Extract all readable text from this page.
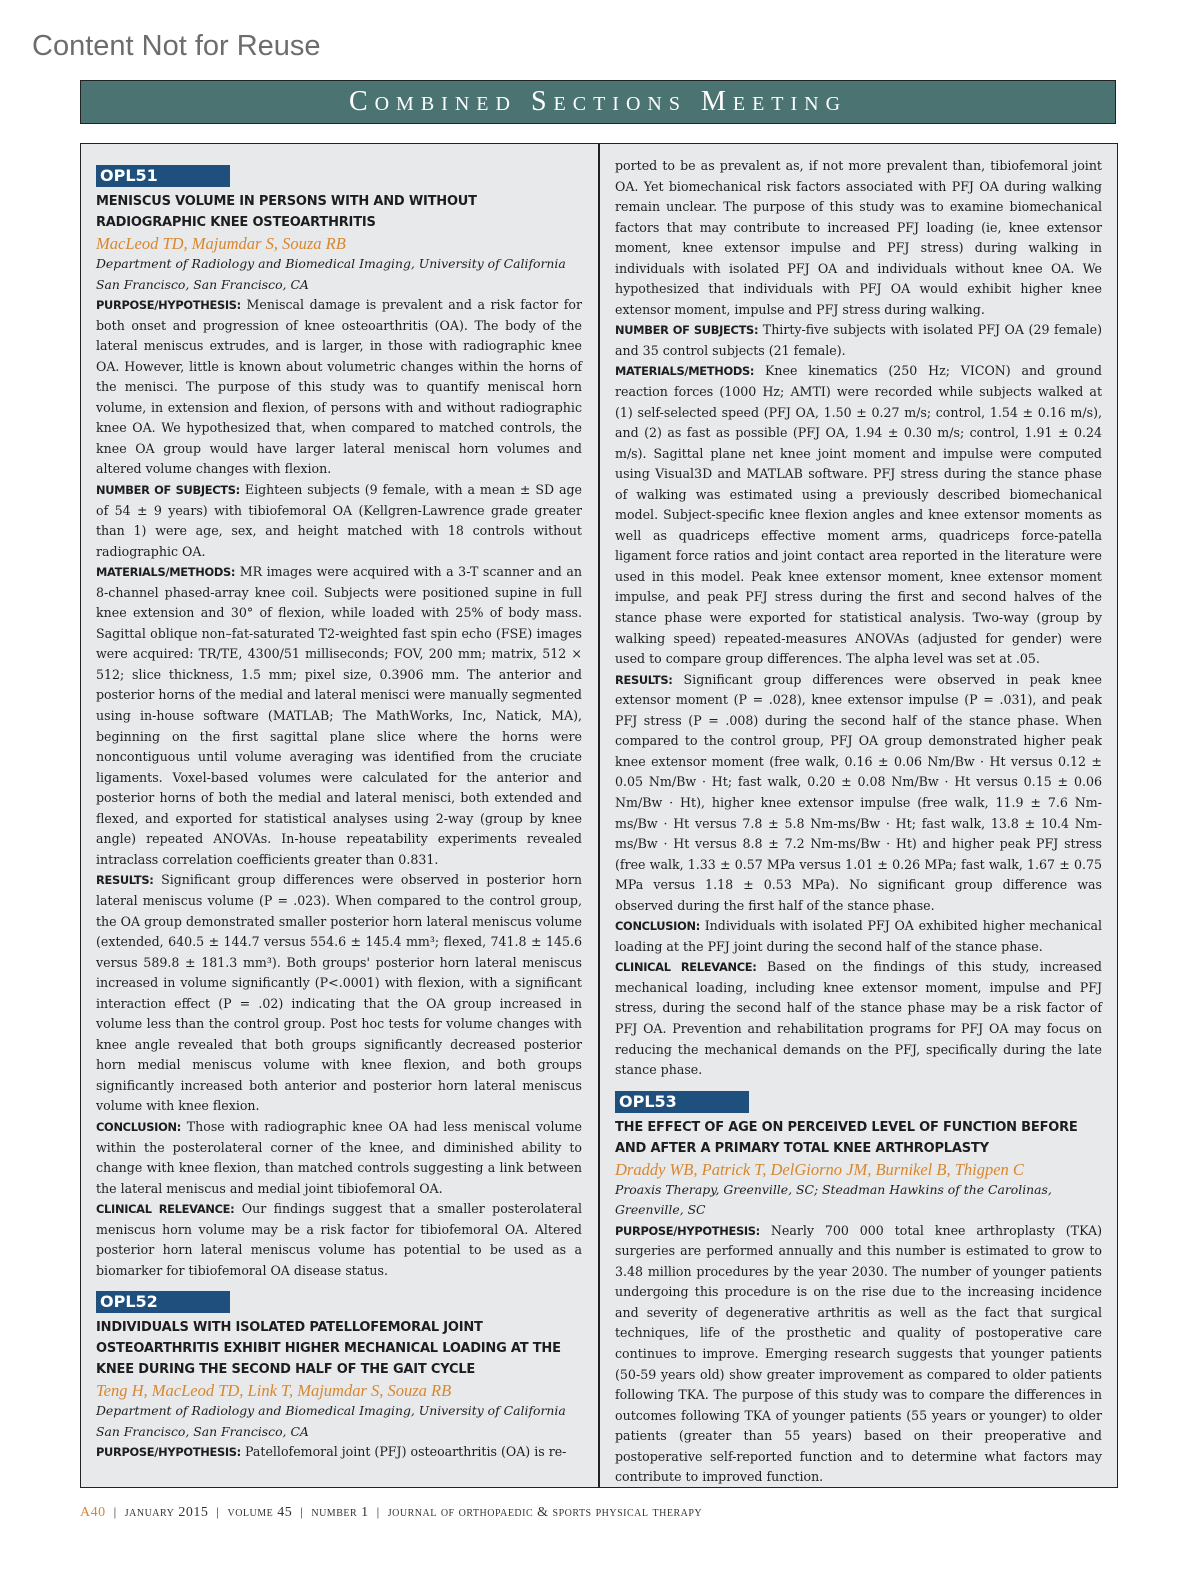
Content Not for Reuse
Combined Sections Meeting
OPL51

MENISCUS VOLUME IN PERSONS WITH AND WITHOUT RADIOGRAPHIC KNEE OSTEOARTHRITIS

MacLeod TD, Majumdar S, Souza RB

Department of Radiology and Biomedical Imaging, University of California San Francisco, San Francisco, CA

PURPOSE/HYPOTHESIS: Meniscal damage is prevalent and a risk factor for both onset and progression of knee osteoarthritis (OA). The body of the lateral meniscus extrudes, and is larger, in those with radiographic knee OA. However, little is known about volumetric changes within the horns of the menisci. The purpose of this study was to quantify meniscal horn volume, in extension and flexion, of persons with and without radiographic knee OA. We hypothesized that, when compared to matched controls, the knee OA group would have larger lateral meniscal horn volumes and altered volume changes with flexion.

NUMBER OF SUBJECTS: Eighteen subjects (9 female, with a mean ± SD age of 54 ± 9 years) with tibiofemoral OA (Kellgren-Lawrence grade greater than 1) were age, sex, and height matched with 18 controls without radiographic OA.

MATERIALS/METHODS: MR images were acquired with a 3-T scanner and an 8-channel phased-array knee coil. Subjects were positioned supine in full knee extension and 30° of flexion, while loaded with 25% of body mass. Sagittal oblique non–fat-saturated T2-weighted fast spin echo (FSE) images were acquired: TR/TE, 4300/51 milliseconds; FOV, 200 mm; matrix, 512 × 512; slice thickness, 1.5 mm; pixel size, 0.3906 mm. The anterior and posterior horns of the medial and lateral menisci were manually segmented using in-house software (MATLAB; The MathWorks, Inc, Natick, MA), beginning on the first sagittal plane slice where the horns were noncontiguous until volume averaging was identified from the cruciate ligaments. Voxel-based volumes were calculated for the anterior and posterior horns of both the medial and lateral menisci, both extended and flexed, and exported for statistical analyses using 2-way (group by knee angle) repeated ANOVAs. In-house repeatability experiments revealed intraclass correlation coefficients greater than 0.831.

RESULTS: Significant group differences were observed in posterior horn lateral meniscus volume (P = .023). When compared to the control group, the OA group demonstrated smaller posterior horn lateral meniscus volume (extended, 640.5 ± 144.7 versus 554.6 ± 145.4 mm³; flexed, 741.8 ± 145.6 versus 589.8 ± 181.3 mm³). Both groups' posterior horn lateral meniscus increased in volume significantly (P<.0001) with flexion, with a significant interaction effect (P = .02) indicating that the OA group increased in volume less than the control group. Post hoc tests for volume changes with knee angle revealed that both groups significantly decreased posterior horn medial meniscus volume with knee flexion, and both groups significantly increased both anterior and posterior horn lateral meniscus volume with knee flexion.

CONCLUSION: Those with radiographic knee OA had less meniscal volume within the posterolateral corner of the knee, and diminished ability to change with knee flexion, than matched controls suggesting a link between the lateral meniscus and medial joint tibiofemoral OA.

CLINICAL RELEVANCE: Our findings suggest that a smaller posterolateral meniscus horn volume may be a risk factor for tibiofemoral OA. Altered posterior horn lateral meniscus volume has potential to be used as a biomarker for tibiofemoral OA disease status.

OPL52

INDIVIDUALS WITH ISOLATED PATELLOFEMORAL JOINT OSTEOARTHRITIS EXHIBIT HIGHER MECHANICAL LOADING AT THE KNEE DURING THE SECOND HALF OF THE GAIT CYCLE

Teng H, MacLeod TD, Link T, Majumdar S, Souza RB

Department of Radiology and Biomedical Imaging, University of California San Francisco, San Francisco, CA

PURPOSE/HYPOTHESIS: Patellofemoral joint (PFJ) osteoarthritis (OA) is re-

ported to be as prevalent as, if not more prevalent than, tibiofemoral joint OA. Yet biomechanical risk factors associated with PFJ OA during walking remain unclear. The purpose of this study was to examine biomechanical factors that may contribute to increased PFJ loading (ie, knee extensor moment, knee extensor impulse and PFJ stress) during walking in individuals with isolated PFJ OA and individuals without knee OA. We hypothesized that individuals with PFJ OA would exhibit higher knee extensor moment, impulse and PFJ stress during walking.

NUMBER OF SUBJECTS: Thirty-five subjects with isolated PFJ OA (29 female) and 35 control subjects (21 female).

MATERIALS/METHODS: Knee kinematics (250 Hz; VICON) and ground reaction forces (1000 Hz; AMTI) were recorded while subjects walked at (1) self-selected speed (PFJ OA, 1.50 ± 0.27 m/s; control, 1.54 ± 0.16 m/s), and (2) as fast as possible (PFJ OA, 1.94 ± 0.30 m/s; control, 1.91 ± 0.24 m/s). Sagittal plane net knee joint moment and impulse were computed using Visual3D and MATLAB software. PFJ stress during the stance phase of walking was estimated using a previously described biomechanical model. Subject-specific knee flexion angles and knee extensor moments as well as quadriceps effective moment arms, quadriceps force-patella ligament force ratios and joint contact area reported in the literature were used in this model. Peak knee extensor moment, knee extensor moment impulse, and peak PFJ stress during the first and second halves of the stance phase were exported for statistical analysis. Two-way (group by walking speed) repeated-measures ANOVAs (adjusted for gender) were used to compare group differences. The alpha level was set at .05.

RESULTS: Significant group differences were observed in peak knee extensor moment (P = .028), knee extensor impulse (P = .031), and peak PFJ stress (P = .008) during the second half of the stance phase. When compared to the control group, PFJ OA group demonstrated higher peak knee extensor moment (free walk, 0.16 ± 0.06 Nm/Bw · Ht versus 0.12 ± 0.05 Nm/Bw · Ht; fast walk, 0.20 ± 0.08 Nm/Bw · Ht versus 0.15 ± 0.06 Nm/Bw · Ht), higher knee extensor impulse (free walk, 11.9 ± 7.6 Nm-ms/Bw · Ht versus 7.8 ± 5.8 Nm-ms/Bw · Ht; fast walk, 13.8 ± 10.4 Nm-ms/Bw · Ht versus 8.8 ± 7.2 Nm-ms/Bw · Ht) and higher peak PFJ stress (free walk, 1.33 ± 0.57 MPa versus 1.01 ± 0.26 MPa; fast walk, 1.67 ± 0.75 MPa versus 1.18 ± 0.53 MPa). No significant group difference was observed during the first half of the stance phase.

CONCLUSION: Individuals with isolated PFJ OA exhibited higher mechanical loading at the PFJ joint during the second half of the stance phase.

CLINICAL RELEVANCE: Based on the findings of this study, increased mechanical loading, including knee extensor moment, impulse and PFJ stress, during the second half of the stance phase may be a risk factor of PFJ OA. Prevention and rehabilitation programs for PFJ OA may focus on reducing the mechanical demands on the PFJ, specifically during the late stance phase.

OPL53

THE EFFECT OF AGE ON PERCEIVED LEVEL OF FUNCTION BEFORE AND AFTER A PRIMARY TOTAL KNEE ARTHROPLASTY

Draddy WB, Patrick T, DelGiorno JM, Burnikel B, Thigpen C

Proaxis Therapy, Greenville, SC; Steadman Hawkins of the Carolinas, Greenville, SC

PURPOSE/HYPOTHESIS: Nearly 700 000 total knee arthroplasty (TKA) surgeries are performed annually and this number is estimated to grow to 3.48 million procedures by the year 2030. The number of younger patients undergoing this procedure is on the rise due to the increasing incidence and severity of degenerative arthritis as well as the fact that surgical techniques, life of the prosthetic and quality of postoperative care continues to improve. Emerging research suggests that younger patients (50-59 years old) show greater improvement as compared to older patients following TKA. The purpose of this study was to compare the differences in outcomes following TKA of younger patients (55 years or younger) to older patients (greater than 55 years) based on their preoperative and postoperative self-reported function and to determine what factors may contribute to improved function.

A40 | january 2015 | volume 45 | number 1 | journal of orthopaedic & sports physical therapy
